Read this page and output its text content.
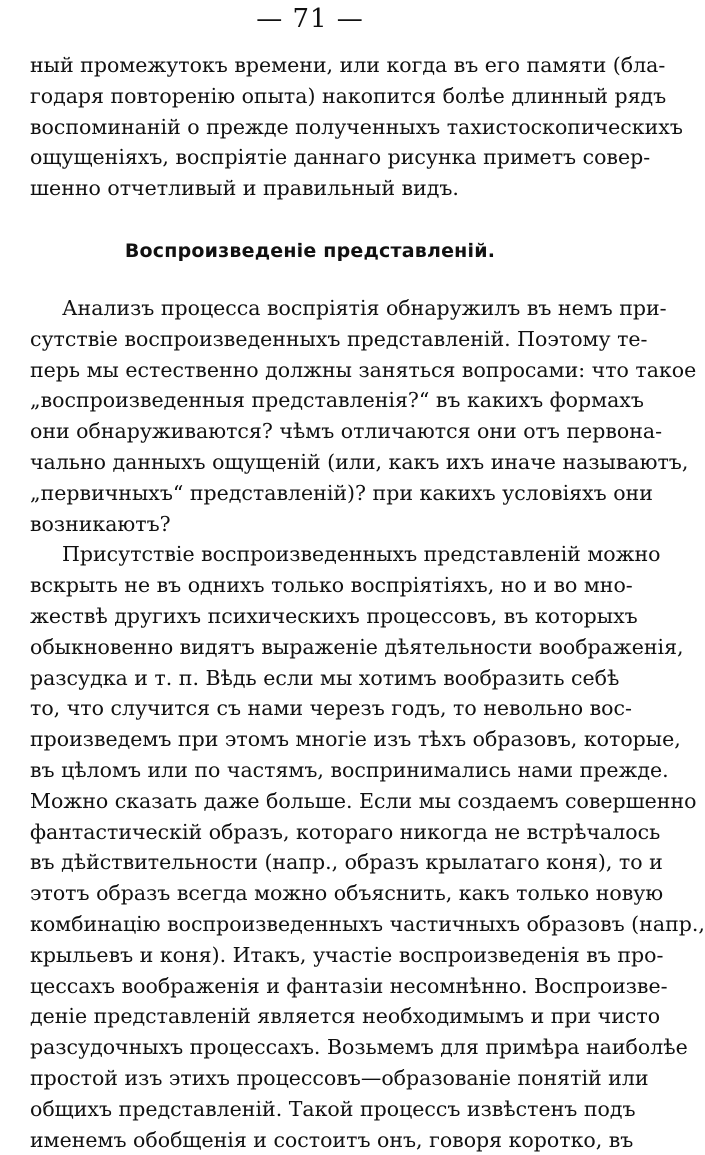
— 71 —
ный промежутокъ времени, или когда въ его памяти (бла-
годаря повторенію опыта) накопится болѣе длинный рядъ
воспоминаній о прежде полученныхъ тахистоскопическихъ
ощущеніяхъ, воспріятіе даннаго рисунка приметъ совер-
шенно отчетливый и правильный видъ.
Воспроизведеніе представленій.
Анализъ процесса воспріятія обнаружилъ въ немъ при-
сутствіе воспроизведенныхъ представленій. Поэтому те-
перь мы естественно должны заняться вопросами: что такое
„воспроизведенныя представленія?“ въ какихъ формахъ
они обнаруживаются? чѣмъ отличаются они отъ первона-
чально данныхъ ощущеній (или, какъ ихъ иначе называютъ,
„первичныхъ“ представленій)? при какихъ условіяхъ они
возникаютъ?
Присутствіе воспроизведенныхъ представленій можно
вскрыть не въ однихъ только воспріятіяхъ, но и во мно-
жествѣ другихъ психическихъ процессовъ, въ которыхъ
обыкновенно видятъ выраженіе дѣятельности воображенія,
разсудка и т. п. Вѣдь если мы хотимъ вообразить себѣ
то, что случится съ нами черезъ годъ, то невольно вос-
произведемъ при этомъ многіе изъ тѣхъ образовъ, которые,
въ цѣломъ или по частямъ, воспринимались нами прежде.
Можно сказать даже больше. Если мы создаемъ совершенно
фантастическій образъ, котораго никогда не встрѣчалось
въ дѣйствительности (напр., образъ крылатаго коня), то и
этотъ образъ всегда можно объяснить, какъ только новую
комбинацію воспроизведенныхъ частичныхъ образовъ (напр.,
крыльевъ и коня). Итакъ, участіе воспроизведенія въ про-
цессахъ воображенія и фантазіи несомнѣнно. Воспроизве-
деніе представленій является необходимымъ и при чисто
разсудочныхъ процессахъ. Возьмемъ для примѣра наиболѣе
простой изъ этихъ процессовъ—образованіе понятій или
общихъ представленій. Такой процессъ извѣстенъ подъ
именемъ обобщенія и состоитъ онъ, говоря коротко, въ
